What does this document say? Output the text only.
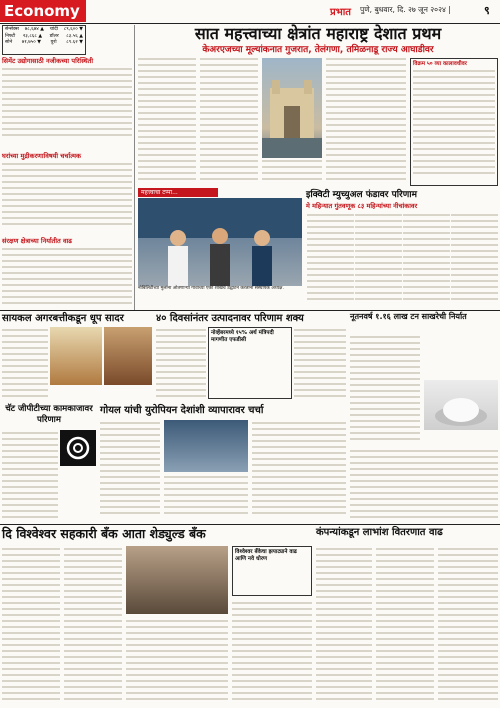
Economy	प्रभात पुणे, बुधवार, दि. २७ जून २०२४ |	९
सेन्सेक्स ७८,६७४ ▲ चांदी ८९,६०० ▼
निफ्टी २३,८६८ ▲ डॉलर ८३.५६ ▲
सोने ७१,७५० ▼ युरो ८९.६२ ▼
सिमेंट उद्योगासाठी नजीकच्या परिस्थिती
घरांच्या मुद्रीकरणाविषयी चर्चात्मक
संरक्षण क्षेत्राच्या निर्यातीत वाढ
सात महत्त्वाच्या क्षेत्रांत महाराष्ट्र देशात प्रथम
केअरएजच्या मूल्यांकनात गुजरात, तेलंगणा, तमिळनाडू राज्य आघाडीवर
विक्रम ५० व्या कालावधीवर
महत्त्वाचा टप्पा...
नोबिलिटीच्या मुलांना ओतणाऱ्या गावाच्या एका शाखेचे उद्घाटन करताना संस्थापक अध्यक्ष.
इक्विटी म्युच्युअल फंडावर परिणाम
मे महिन्यात गुंतवणूक ८३ महिन्यांच्या नीचांकावर
सायकल अगरबत्तीकडून धूप सादर	४० दिवसांनंतर उत्पादनावर परिणाम शक्य
नोव्हेंबरमध्ये १५% अर्थ मंत्रिपदी मागणीत एफडीसी
नूतनवर्ष १.१६ लाख टन साखरेची निर्यात
चॅट जीपीटीच्या कामकाजावर परिणाम
गोयल यांची युरोपियन देशांशी व्यापारावर चर्चा
दि विश्वेश्वर सहकारी बँक आता शेड्युल्ड बँक
विश्वेश्वर बँकेचा झपाट्याने वाढ आणि नवे धोरण
कंपन्यांकडून लाभांश वितरणात वाढ
